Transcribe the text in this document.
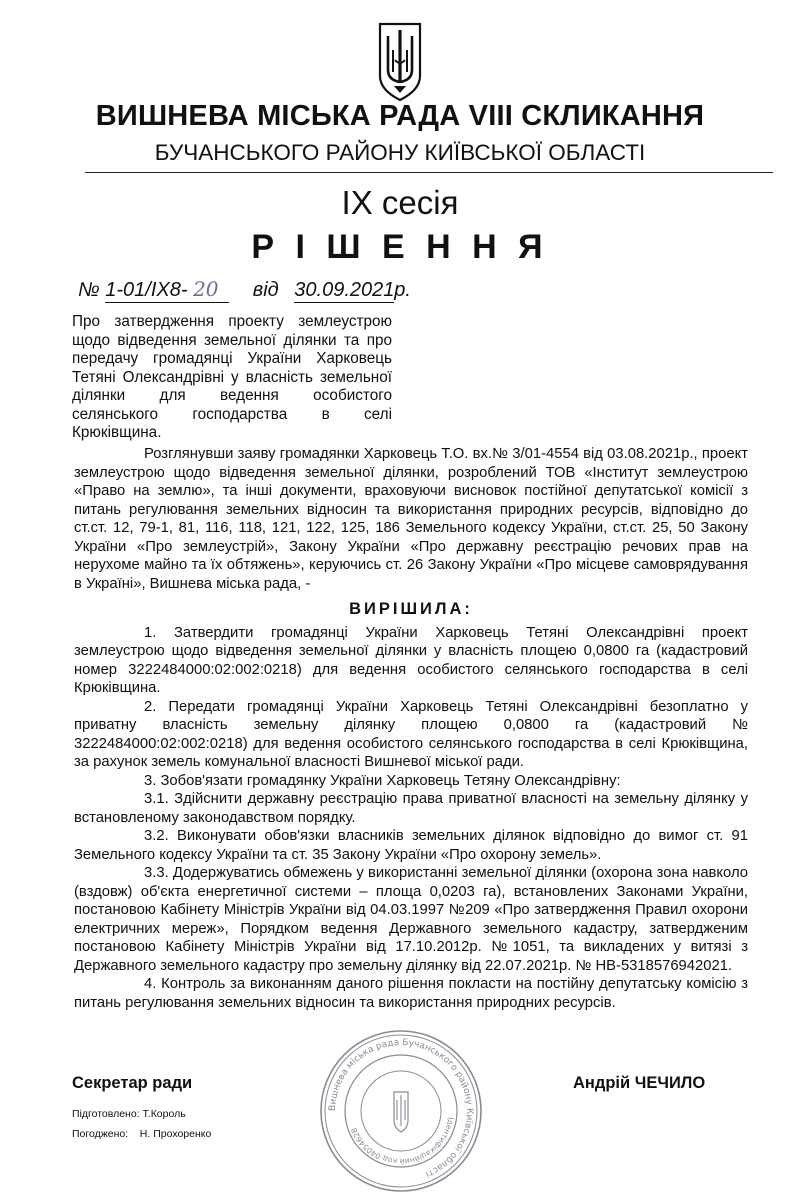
ВИШНЕВА МІСЬКА РАДА VIII СКЛИКАННЯ
БУЧАНСЬКОГО РАЙОНУ КИЇВСЬКОЇ ОБЛАСТІ
IX сесія
Р І Ш Е Н Н Я
№ 1-01/IX8- 20 від 30.09.2021р.
Про затвердження проекту землеустрою щодо відведення земельної ділянки та про передачу громадянці України Харковець Тетяні Олександрівні у власність земельної ділянки для ведення особистого селянського господарства в селі Крюківщина.

Розглянувши заяву громадянки Харковець Т.О. вх.№ 3/01-4554 від 03.08.2021р., проект землеустрою щодо відведення земельної ділянки, розроблений ТОВ «Інститут землеустрою «Право на землю», та інші документи, враховуючи висновок постійної депутатської комісії з питань регулювання земельних відносин та використання природних ресурсів, відповідно до ст.ст. 12, 79-1, 81, 116, 118, 121, 122, 125, 186 Земельного кодексу України, ст.ст. 25, 50 Закону України «Про землеустрій», Закону України «Про державну реєстрацію речових прав на нерухоме майно та їх обтяжень», керуючись ст. 26 Закону України «Про місцеве самоврядування в Україні», Вишнева міська рада, -

ВИРІШИЛА:

1. Затвердити громадянці України Харковець Тетяні Олександрівні проект землеустрою щодо відведення земельної ділянки у власність площею 0,0800 га (кадастровий номер 3222484000:02:002:0218) для ведення особистого селянського господарства в селі Крюківщина.

2. Передати громадянці України Харковець Тетяні Олександрівні безоплатно у приватну власність земельну ділянку площею 0,0800 га (кадастровий № 3222484000:02:002:0218) для ведення особистого селянського господарства в селі Крюківщина, за рахунок земель комунальної власності Вишневої міської ради.

3. Зобов'язати громадянку України Харковець Тетяну Олександрівну:

3.1. Здійснити державну реєстрацію права приватної власності на земельну ділянку у встановленому законодавством порядку.

3.2. Виконувати обов'язки власників земельних ділянок відповідно до вимог ст. 91 Земельного кодексу України та ст. 35 Закону України «Про охорону земель».

3.3. Додержуватись обмежень у використанні земельної ділянки (охорона зона навколо (вздовж) об'єкта енергетичної системи – площа 0,0203 га), встановлених Законами України, постановою Кабінету Міністрів України від 04.03.1997 №209 «Про затвердження Правил охорони електричних мереж», Порядком ведення Державного земельного кадастру, затвердженим постановою Кабінету Міністрів України від 17.10.2012р. №1051, та викладених у витязі з Державного земельного кадастру про земельну ділянку від 22.07.2021р. № НВ-5318576942021.

4. Контроль за виконанням даного рішення покласти на постійну депутатську комісію з питань регулювання земельних відносин та використання природних ресурсів.

Секретар ради	Андрій ЧЕЧИЛО
Підготовлено: Т.Король
Погоджено:    Н. Прохоренко
Вишнева міська рада Бучанського району Київської області
Ідентифікаційний код 04054628
